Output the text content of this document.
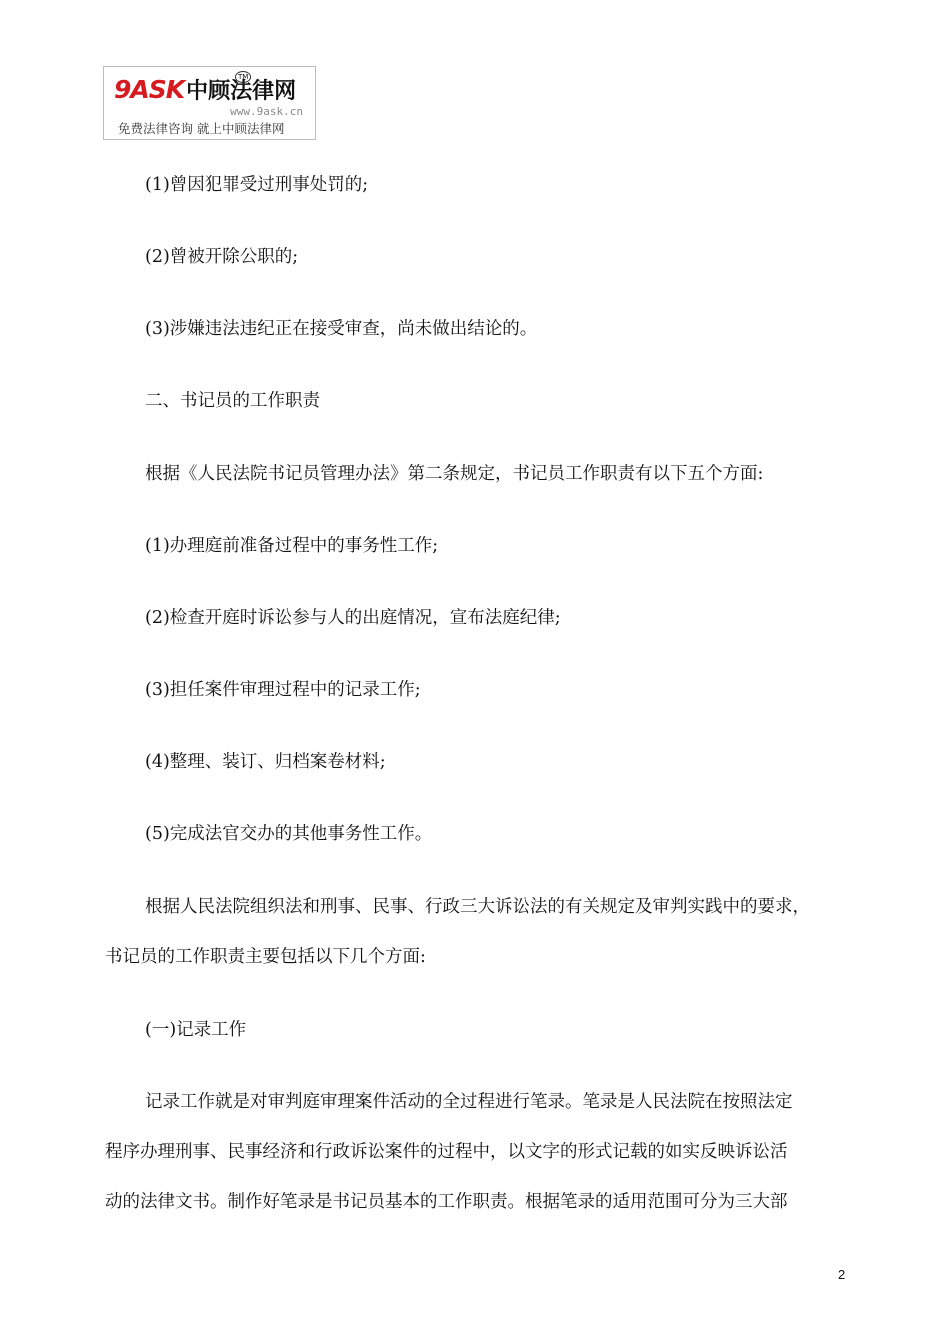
9ASK中顾法律网
TM
www.9ask.cn
免费法律咨询 就上中顾法律网

(1)曾因犯罪受过刑事处罚的;

(2)曾被开除公职的;

(3)涉嫌违法违纪正在接受审查，尚未做出结论的。

二、书记员的工作职责

根据《人民法院书记员管理办法》第二条规定，书记员工作职责有以下五个方面:

(1)办理庭前准备过程中的事务性工作;

(2)检查开庭时诉讼参与人的出庭情况，宣布法庭纪律;

(3)担任案件审理过程中的记录工作;

(4)整理、装订、归档案卷材料;

(5)完成法官交办的其他事务性工作。

根据人民法院组织法和刑事、民事、行政三大诉讼法的有关规定及审判实践中的要求，

书记员的工作职责主要包括以下几个方面:

(一)记录工作

记录工作就是对审判庭审理案件活动的全过程进行笔录。笔录是人民法院在按照法定

程序办理刑事、民事经济和行政诉讼案件的过程中，以文字的形式记载的如实反映诉讼活

动的法律文书。制作好笔录是书记员基本的工作职责。根据笔录的适用范围可分为三大部

2
